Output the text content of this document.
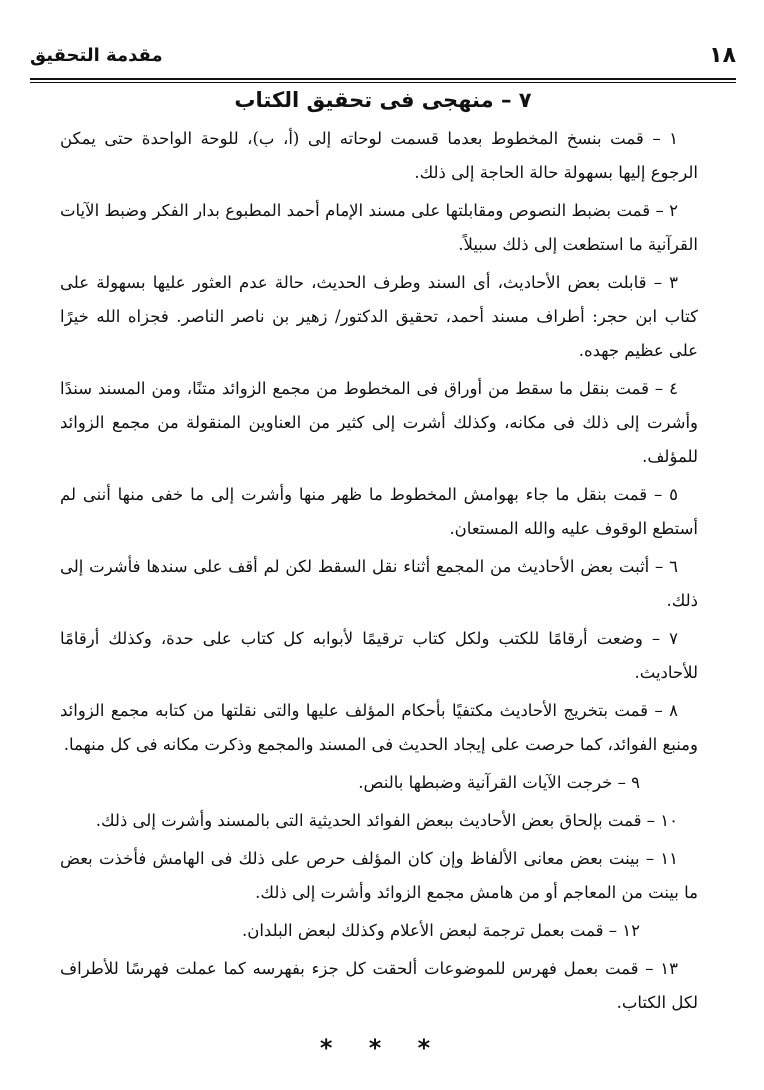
١٨
مقدمة التحقيق
٧ – منهجى فى تحقيق الكتاب

١ – قمت بنسخ المخطوط بعدما قسمت لوحاته إلى (أ، ب)، للوحة الواحدة حتى يمكن الرجوع إليها بسهولة حالة الحاجة إلى ذلك.

٢ – قمت بضبط النصوص ومقابلتها على مسند الإمام أحمد المطبوع بدار الفكر وضبط الآيات القرآنية ما استطعت إلى ذلك سبيلاً.

٣ – قابلت بعض الأحاديث، أى السند وطرف الحديث، حالة عدم العثور عليها بسهولة على كتاب ابن حجر: أطراف مسند أحمد، تحقيق الدكتور/ زهير بن ناصر الناصر. فجزاه الله خيرًا على عظيم جهده.

٤ – قمت بنقل ما سقط من أوراق فى المخطوط من مجمع الزوائد متنًا، ومن المسند سندًا وأشرت إلى ذلك فى مكانه، وكذلك أشرت إلى كثير من العناوين المنقولة من مجمع الزوائد للمؤلف.

٥ – قمت بنقل ما جاء بهوامش المخطوط ما ظهر منها وأشرت إلى ما خفى منها أننى لم أستطع الوقوف عليه والله المستعان.

٦ – أثبت بعض الأحاديث من المجمع أثناء نقل السقط لكن لم أقف على سندها فأشرت إلى ذلك.

٧ – وضعت أرقامًا للكتب ولكل كتاب ترقيمًا لأبوابه كل كتاب على حدة، وكذلك أرقامًا للأحاديث.

٨ – قمت بتخريج الأحاديث مكتفيًا بأحكام المؤلف عليها والتى نقلتها من كتابه مجمع الزوائد ومنبع الفوائد، كما حرصت على إيجاد الحديث فى المسند والمجمع وذكرت مكانه فى كل منهما.

٩ – خرجت الآيات القرآنية وضبطها بالنص.

١٠ – قمت بإلحاق بعض الأحاديث ببعض الفوائد الحديثية التى بالمسند وأشرت إلى ذلك.

١١ – بينت بعض معانى الألفاظ وإن كان المؤلف حرص على ذلك فى الهامش فأخذت بعض ما بينت من المعاجم أو من هامش مجمع الزوائد وأشرت إلى ذلك.

١٢ – قمت بعمل ترجمة لبعض الأعلام وكذلك لبعض البلدان.

١٣ – قمت بعمل فهرس للموضوعات ألحقت كل جزء بفهرسه كما عملت فهرسًا للأطراف لكل الكتاب.

* * *
